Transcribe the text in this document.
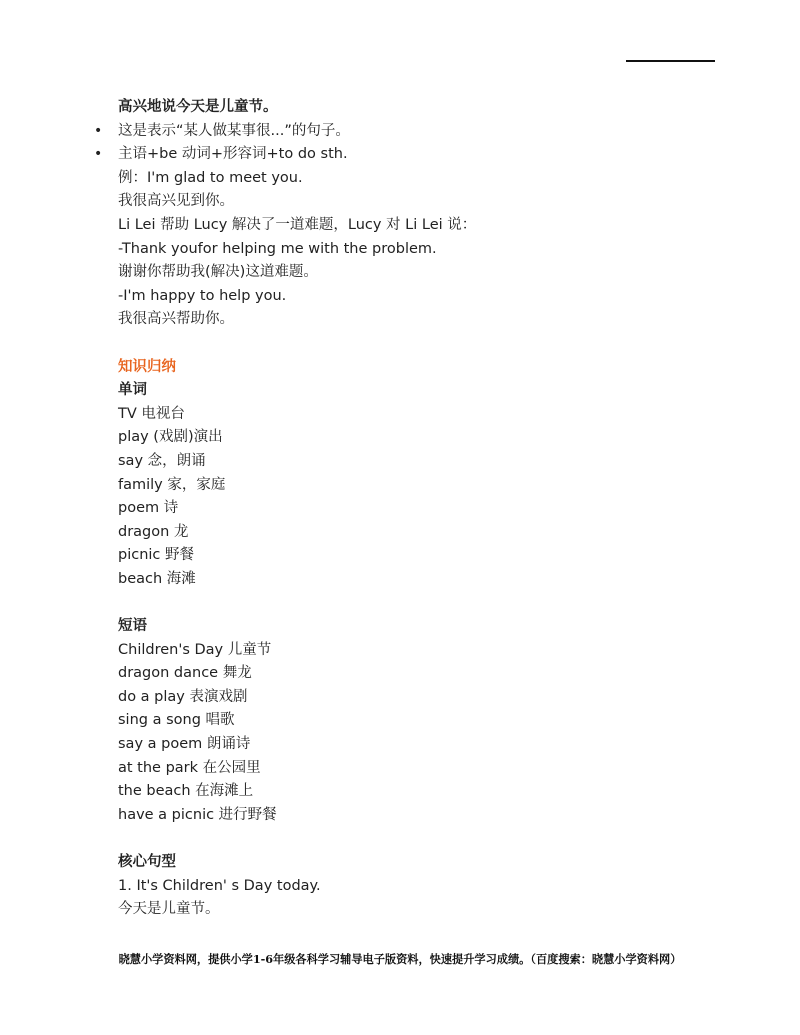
高兴地说今天是儿童节。
• 这是表示“某人做某事很...”的句子。
• 主语+be 动词+形容词+to do sth.
例：I'm glad to meet you.
我很高兴见到你。
Li Lei 帮助 Lucy 解决了一道难题，Lucy 对 Li Lei 说：
-Thank youfor helping me with the problem.
谢谢你帮助我(解决)这道难题。
-I'm happy to help you.
我很高兴帮助你。
知识归纳
单词
TV 电视台
play (戏剧)演出
say 念，朗诵
family 家，家庭
poem 诗
dragon 龙
picnic 野餐
beach 海滩
短语
Children's Day 儿童节
dragon dance 舞龙
do a play 表演戏剧
sing a song 唱歌
say a poem 朗诵诗
at the park 在公园里
the beach 在海滩上
have a picnic 进行野餐
核心句型
1. It's Children' s Day today.
今天是儿童节。
晓慧小学资料网，提供小学1-6年级各科学习辅导电子版资料，快速提升学习成绩。（百度搜索：晓慧小学资料网）
